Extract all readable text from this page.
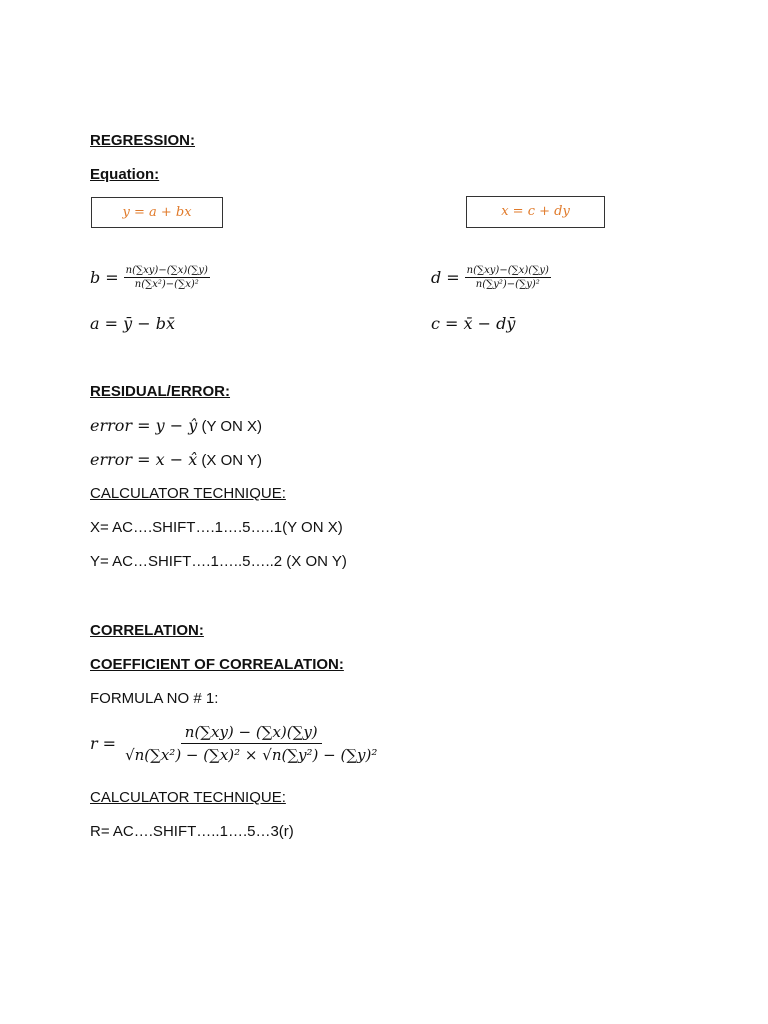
REGRESSION:
Equation:
y = a + bx	x = c + dy
$b = \frac{n(\sum xy)-(\sum x)(\sum y)}{\text{n(∑x²)−(∑x)²}}$	$d = \frac{n(\sum xy)-(\sum x)(\sum y)}{\text{n(∑y²)−(∑y)²}}$
a = ȳ − bx̄	c = x̄ − dȳ
RESIDUAL/ERROR:
error = y − ŷ (Y ON X)
error = x − x̂ (X ON Y)
CALCULATOR TECHNIQUE:
X= AC….SHIFT….1….5…..1(Y ON X)
Y= AC…SHIFT….1…..5…..2 (X ON Y)
CORRELATION:
COEFFICIENT OF CORREALATION:
FORMULA NO # 1:
$r = \frac{n(\sum xy) - (\sum x)(\sum y)}{\text{√n(∑x²) − (∑x)² × √n(∑y²) − (∑y)²}}$
CALCULATOR TECHNIQUE:
R= AC….SHIFT…..1….5…3(r)
